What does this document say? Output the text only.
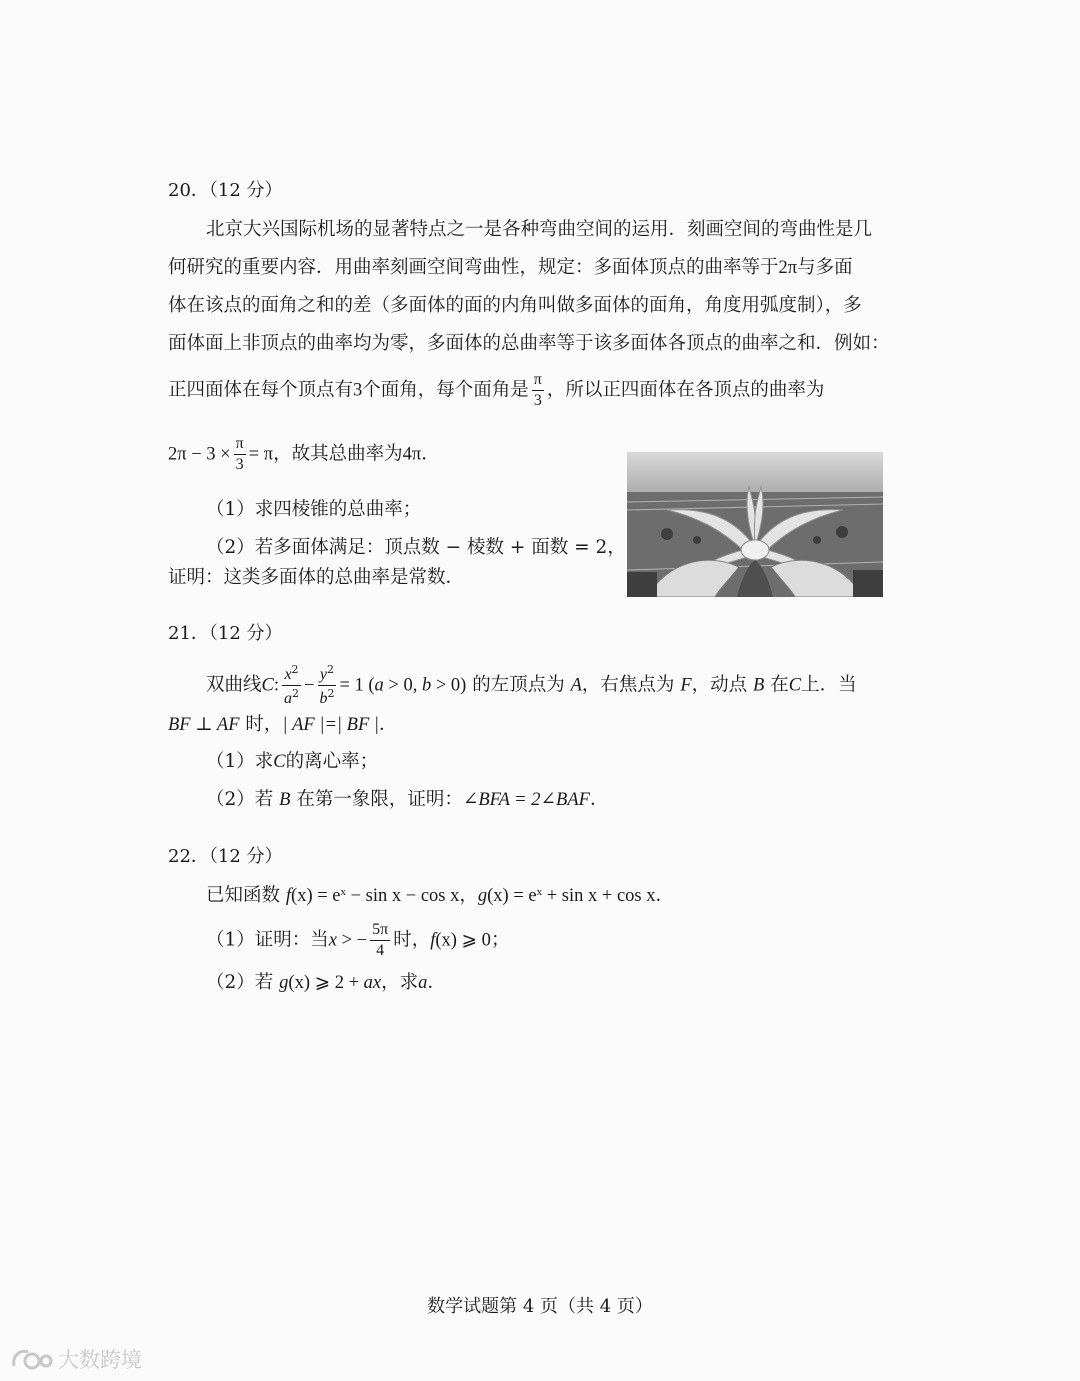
20．（12 分）
北京大兴国际机场的显著特点之一是各种弯曲空间的运用．刻画空间的弯曲性是几
何研究的重要内容．用曲率刻画空间弯曲性，规定：多面体顶点的曲率等于2π与多面
体在该点的面角之和的差（多面体的面的内角叫做多面体的面角，角度用弧度制），多
面体面上非顶点的曲率均为零，多面体的总曲率等于该多面体各顶点的曲率之和．例如：
正四面体在每个顶点有3个面角，每个面角是 $\frac{\pi}{3}$ ，所以正四面体在各顶点的曲率为
$2\pi - 3 \times \frac{\pi}{3} = \pi$，故其总曲率为4π．
（1）求四棱锥的总曲率；
（2）若多面体满足：顶点数 − 棱数 + 面数 = 2，
证明：这类多面体的总曲率是常数．
21．（12 分）
双曲线C: $\frac{x^2}{a^2} - \frac{y^2}{b^2} = 1$ (a > 0, b > 0) 的左顶点为 A，右焦点为 F，动点 B 在C上．当
BF ⊥ AF 时，| AF |=| BF |．
（1）求C的离心率；
（2）若 B 在第一象限，证明：∠BFA = 2∠BAF．
22．（12 分）
已知函数 $f(x) = e^x - \sin x - \cos x$，$g(x) = e^x + \sin x + \cos x$．
（1）证明：当x > − $\frac{5\pi}{4}$ 时，f(x) ⩾ 0；
（2）若 g(x) ⩾ 2 + ax，求a．
数学试题第 4 页（共 4 页）
大数跨境
